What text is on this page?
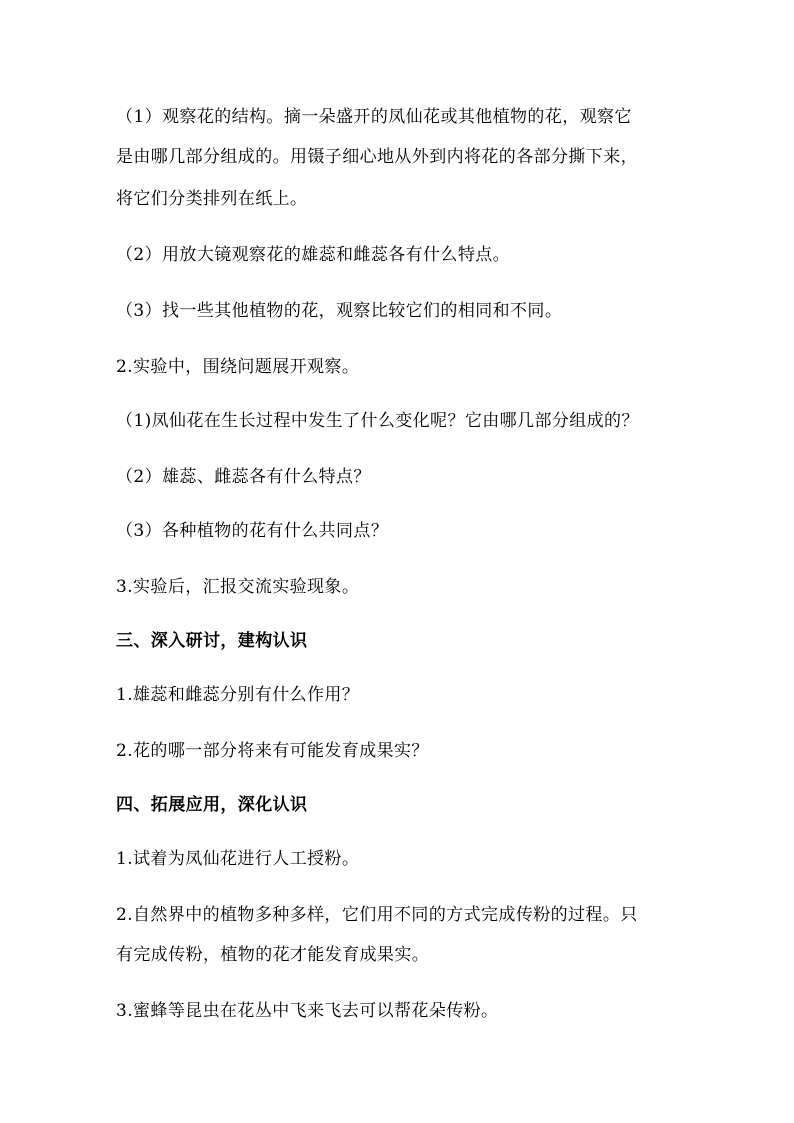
（1）观察花的结构。摘一朵盛开的凤仙花或其他植物的花，观察它
是由哪几部分组成的。用镊子细心地从外到内将花的各部分撕下来，
将它们分类排列在纸上。
（2）用放大镜观察花的雄蕊和雌蕊各有什么特点。
（3）找一些其他植物的花，观察比较它们的相同和不同。
2.实验中，围绕问题展开观察。
（1)凤仙花在生长过程中发生了什么变化呢？它由哪几部分组成的？
（2）雄蕊、雌蕊各有什么特点？
（3）各种植物的花有什么共同点？
3.实验后，汇报交流实验现象。
三、深入研讨，建构认识
1.雄蕊和雌蕊分别有什么作用？
2.花的哪一部分将来有可能发育成果实？
四、拓展应用，深化认识
1.试着为凤仙花进行人工授粉。
2.自然界中的植物多种多样，它们用不同的方式完成传粉的过程。只
有完成传粉，植物的花才能发育成果实。
3.蜜蜂等昆虫在花丛中飞来飞去可以帮花朵传粉。
